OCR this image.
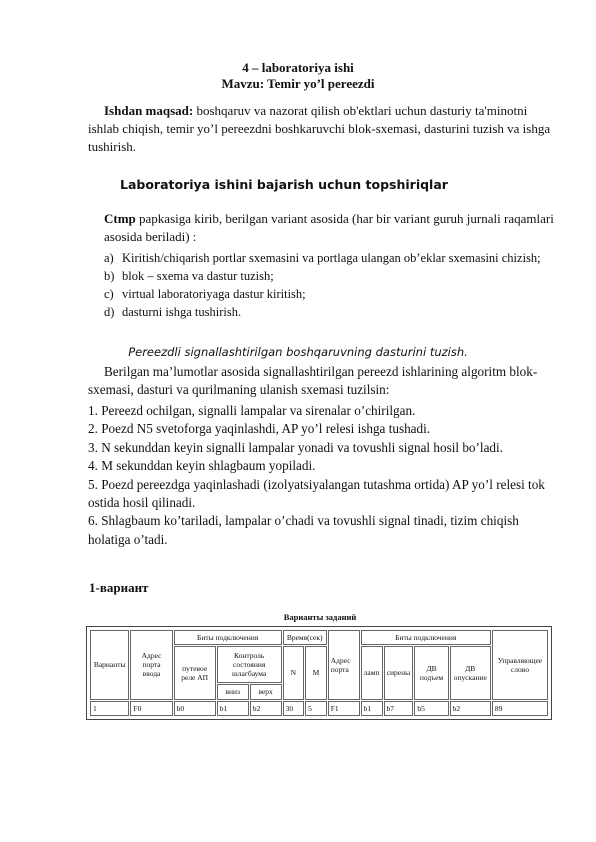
4 – laboratoriya ishi
Mavzu: Temir yo’l pereezdi
Ishdan maqsad: boshqaruv va nazorat qilish ob'ektlari uchun dasturiy ta'minotni ishlab chiqish, temir yo’l pereezdni boshkaruvchi blok-sxemasi, dasturini tuzish va ishga tushirish.
Laboratoriya ishini bajarish uchun topshiriqlar
Ctmp papkasiga kirib, berilgan variant asosida (har bir variant guruh jurnali raqamlari asosida beriladi) :
a) Kiritish/chiqarish portlar sxemasini va portlaga ulangan ob’eklar sxemasini chizish;
b) blok – sxema va dastur tuzish;
c) virtual laboratoriyaga dastur kiritish;
d) dasturni ishga tushirish.
Pereezdli signallashtirilgan boshqaruvning dasturini tuzish.
Berilgan ma’lumotlar asosida signallashtirilgan pereezd ishlarining algoritm blok-sxemasi, dasturi va qurilmaning ulanish sxemasi tuzilsin:
1. Pereezd ochilgan, signalli lampalar va sirenalar o’chirilgan.
2. Poezd N5 svetoforga yaqinlashdi, AP yo’l relesi ishga tushadi.
3. N sekunddan keyin signalli lampalar yonadi va tovushli signal hosil bo’ladi.
4. M sekunddan keyin shlagbaum yopiladi.
5. Poezd pereezdga yaqinlashadi (izolyatsiyalangan tutashma ortida) AP yo’l relesi tok ostida hosil qilinadi.
6. Shlagbaum ko’tariladi, lampalar o’chadi va tovushli signal tinadi, tizim chiqish holatiga o’tadi.
1-вариант
Варианты заданий
Варианты	Адрес порта ввода	Биты подключения			Время(сек)		Адрес порта	Биты подключения				Управляющее слово
		путевое реле АП	Контроль состояния шлагбаума		N	M		ламп	сирены	ДВ подъем	ДВ опускание	
			вниз	верх								
1	F0	b0	b1	b2	30	5	F1	b1	b7	b5	b2	89
